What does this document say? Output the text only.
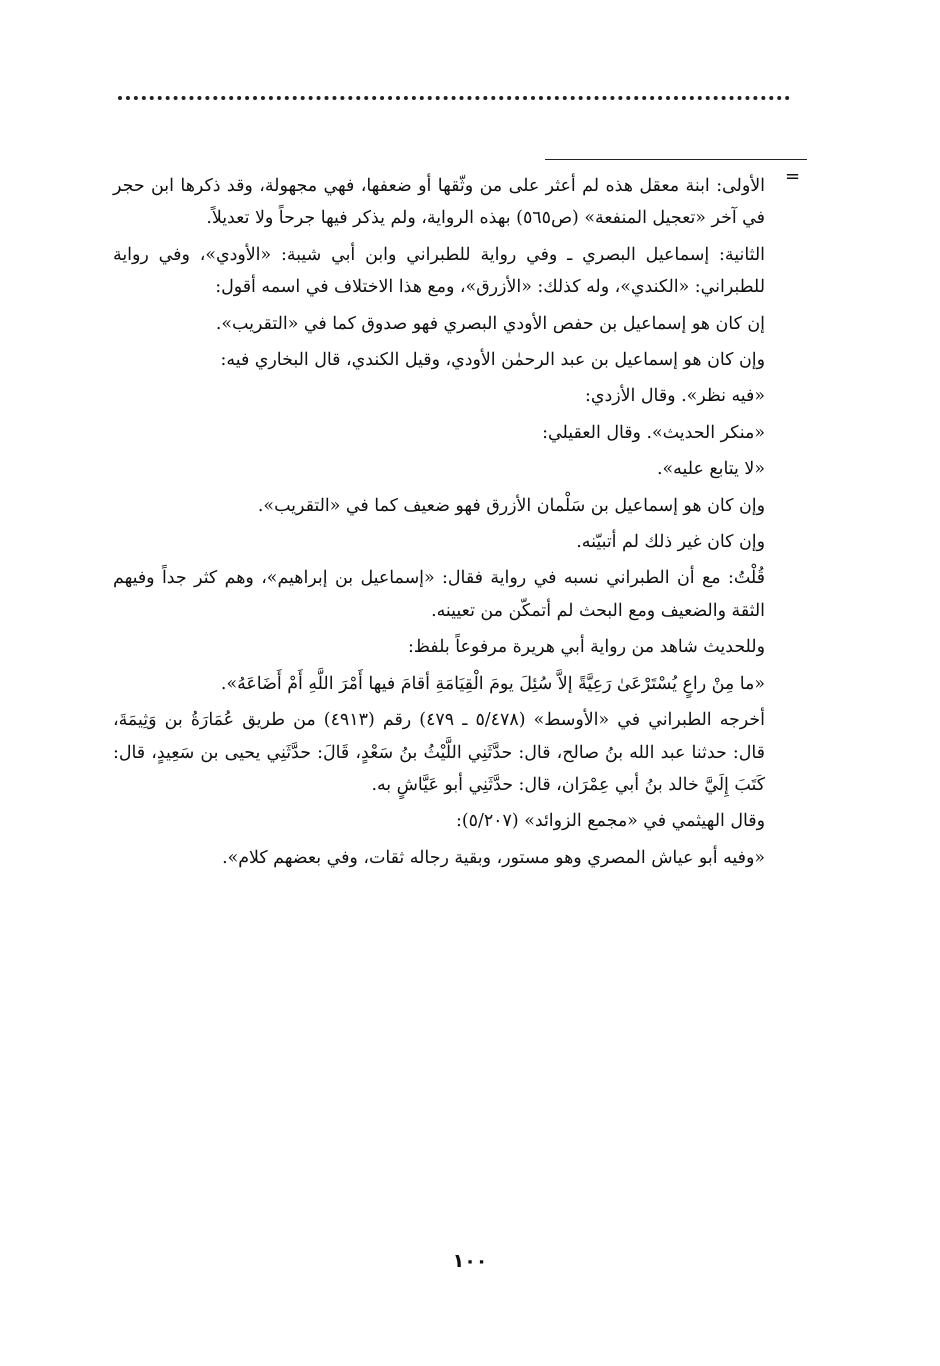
=

الأولى: ابنة معقل هذه لم أعثر على من وثّقها أو ضعفها، فهي مجهولة، وقد ذكرها ابن حجر في آخر «تعجيل المنفعة» (ص٥٦٥) بهذه الرواية، ولم يذكر فيها جرحاً ولا تعديلاً.

الثانية: إسماعيل البصري ـ وفي رواية للطبراني وابن أبي شيبة: «الأودي»، وفي رواية للطبراني: «الكندي»، وله كذلك: «الأزرق»، ومع هذا الاختلاف في اسمه أقول:

إن كان هو إسماعيل بن حفص الأودي البصري فهو صدوق كما في «التقريب».

وإن كان هو إسماعيل بن عبد الرحمٰن الأودي، وقيل الكندي، قال البخاري فيه:

«فيه نظر». وقال الأزدي:

«منكر الحديث». وقال العقيلي:

«لا يتابع عليه».

وإن كان هو إسماعيل بن سَلْمان الأزرق فهو ضعيف كما في «التقريب».

وإن كان غير ذلك لم أتبيّنه.

قُلْتُ: مع أن الطبراني نسبه في رواية فقال: «إسماعيل بن إبراهيم»، وهم كثر جداً وفيهم الثقة والضعيف ومع البحث لم أتمكّن من تعيينه.

وللحديث شاهد من رواية أبي هريرة مرفوعاً بلفظ:

«ما مِنْ راعٍ يُسْتَرْعَىٰ رَعِيَّةً إلاَّ سُئِلَ يومَ الْقِيَامَةِ أقامَ فيها أَمْرَ اللَّهِ أَمْ أَضَاعَهُ».

أخرجه الطبراني في «الأوسط» (٥/٤٧٨ ـ ٤٧٩) رقم (٤٩١٣) من طريق عُمَارَةُ بن وَثِيمَةَ، قال: حدثنا عبد الله بنُ صالح، قال: حدَّثَنِي اللَّيْثُ بنُ سَعْدٍ، قَالَ: حدَّثَنِي يحيى بن سَعِيدٍ، قال: كَتَبَ إِلَيَّ خالد بنُ أبي عِمْرَان، قال: حدَّثَنِي أبو عَيَّاشٍ به.

وقال الهيثمي في «مجمع الزوائد» (٥/٢٠٧):

«وفيه أبو عياش المصري وهو مستور، وبقية رجاله ثقات، وفي بعضهم كلام».

١٠٠
